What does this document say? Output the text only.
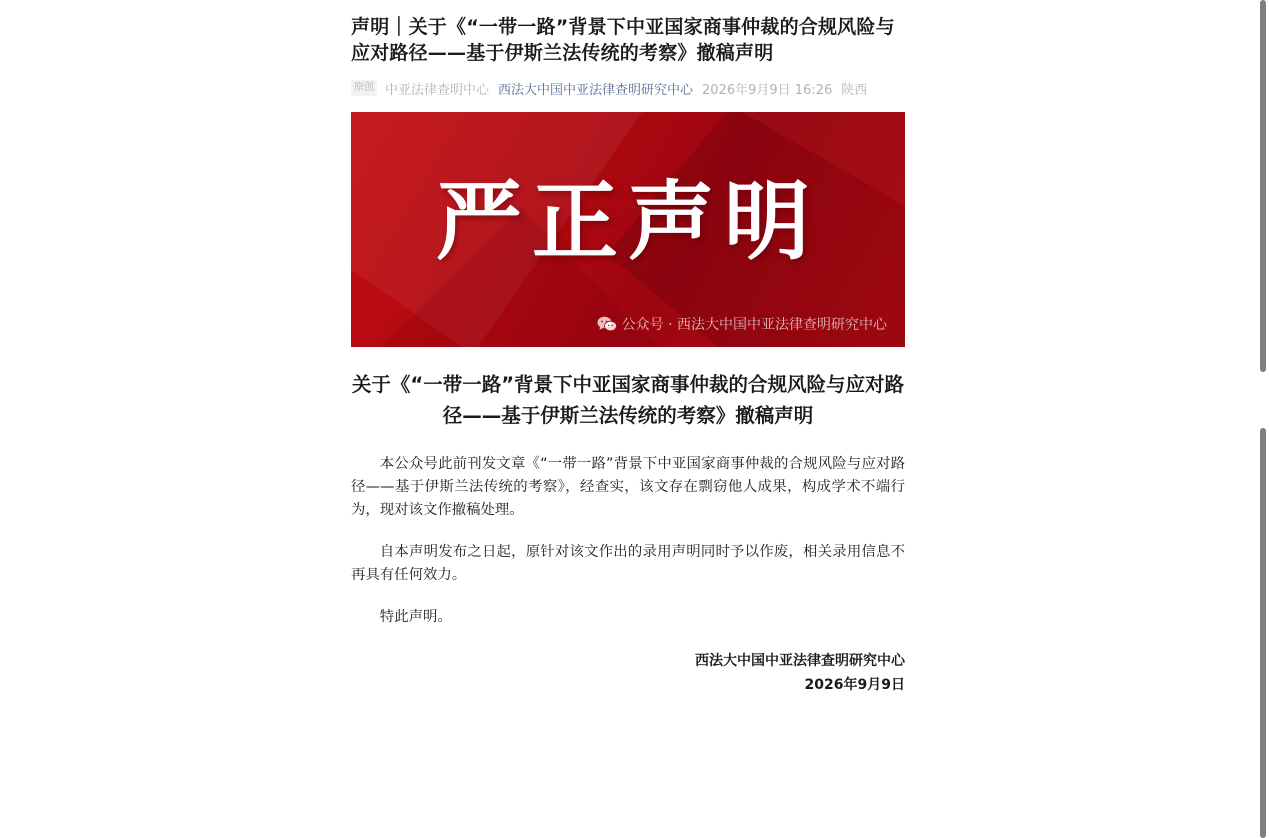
声明｜关于《“一带一路”背景下中亚国家商事仲裁的合规风险与应对路径——基于伊斯兰法传统的考察》撤稿声明
原创 中亚法律查明中心 西法大中国中亚法律查明研究中心 2026年9月9日 16:26 陕西
严正声明
公众号 · 西法大中国中亚法律查明研究中心
关于《“一带一路”背景下中亚国家商事仲裁的合规风险与应对路径——基于伊斯兰法传统的考察》撤稿声明

本公众号此前刊发文章《“一带一路”背景下中亚国家商事仲裁的合规风险与应对路径——基于伊斯兰法传统的考察》，经查实，该文存在剽窃他人成果，构成学术不端行为，现对该文作撤稿处理。

自本声明发布之日起，原针对该文作出的录用声明同时予以作废，相关录用信息不再具有任何效力。

特此声明。

西法大中国中亚法律查明研究中心
2026年9月9日
